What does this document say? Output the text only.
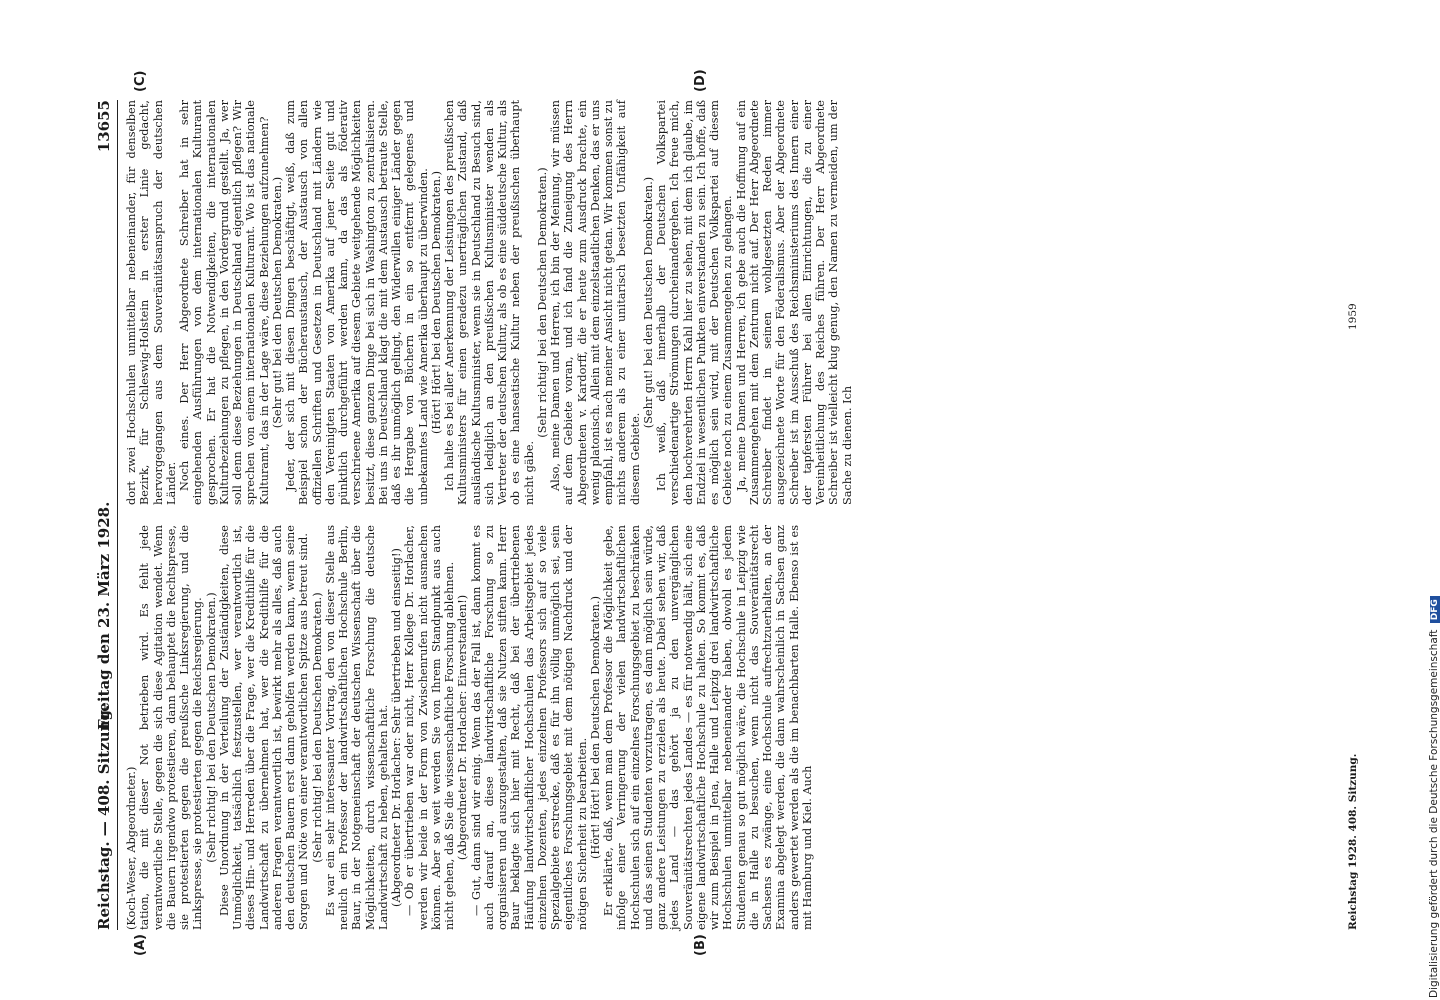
Reichstag. — 408. Sitzung.
Freitag den 23. März 1928.
13655

(Koch-Weser, Abgeordneter.) tation, die mit dieser Not betrieben wird. Es fehlt jede verantwortliche Stelle, gegen die sich diese Agitation wendet. Wenn die Bauern irgendwo protestieren, dann behauptet die Rechtspresse, sie protestierten gegen die preußische Linksregierung, und die Linkspresse, sie protestierten gegen die Reichsregierung. (Sehr richtig! bei den Deutschen Demokraten.) Diese Unordnung in der Verteilung der Zuständigkeiten, diese Unmöglichkeit, tatsächlich festzustellen, wer verantwortlich ist, dieses Hin- und Herreden über die Frage, wer die Kredithilfe für die Landwirtschaft zu übernehmen hat, wer die Kredithilfe für die anderen Fragen verantwortlich ist, bewirkt mehr als alles, daß auch den deutschen Bauern erst dann geholfen werden kann, wenn seine Sorgen und Nöte von einer verantwortlichen Spitze aus betreut sind. (Sehr richtig! bei den Deutschen Demokraten.) Es war ein sehr interessanter Vortrag, den von dieser Stelle aus neulich ein Professor der landwirtschaftlichen Hochschule Berlin, Baur, in der Notgemeinschaft der deutschen Wissenschaft über die Möglichkeiten, durch wissenschaftliche Forschung die deutsche Landwirtschaft zu heben, gehalten hat. (Abgeordneter Dr. Horlacher: Sehr übertrieben und einseitig!) — Ob er übertrieben war oder nicht, Herr Kollege Dr. Horlacher, werden wir beide in der Form von Zwischenrufen nicht ausmachen können. Aber so weit werden Sie von Ihrem Standpunkt aus auch nicht gehen, daß Sie die wissenschaftliche Forschung ablehnen. (Abgeordneter Dr. Horlacher: Einverstanden!) — Gut, dann sind wir einig. Wenn das der Fall ist, dann kommt es auch darauf an, diese landwirtschaftliche Forschung so zu organisieren und auszugestalten, daß sie Nutzen stiften kann. Herr Baur beklagte sich hier mit Recht, daß bei der übertriebenen Häufung landwirtschaftlicher Hochschulen das Arbeitsgebiet jedes einzelnen Dozenten, jedes einzelnen Professors sich auf so viele Spezialgebiete erstrecke, daß es für ihn völlig unmöglich sei, sein eigentliches Forschungsgebiet mit dem nötigen Nachdruck und der nötigen Sicherheit zu bearbeiten. (Hört! Hört! bei den Deutschen Demokraten.) Er erklärte, daß, wenn man dem Professor die Möglichkeit gebe, infolge einer Verringerung der vielen landwirtschaftlichen Hochschulen sich auf ein einzelnes Forschungsgebiet zu beschränken und das seinen Studenten vorzutragen, es dann möglich sein würde, ganz andere Leistungen zu erzielen als heute. Dabei sehen wir, daß jedes Land — das gehört ja zu den unvergänglichen Souveränitätsrechten jedes Landes — es für notwendig hält, sich eine eigene landwirtschaftliche Hochschule zu halten. So kommt es, daß wir zum Beispiel in Jena, Halle und Leipzig drei landwirtschaftliche Hochschulen unmittelbar nebeneinander haben, obwohl es jedem Studenten genau so gut möglich wäre, die Hochschule in Leipzig wie die in Halle zu besuchen, wenn nicht das Souveränitätsrecht Sachsens es zwänge, eine Hochschule aufrechtzuerhalten, an der Examina abgelegt werden, die dann wahrscheinlich in Sachsen ganz anders gewertet werden als die im benachbarten Halle. Ebenso ist es mit Hamburg und Kiel. Auch

dort zwei Hochschulen unmittelbar nebeneinander, für denselben Bezirk, für Schleswig-Holstein in erster Linie gedacht, hervorgegangen aus dem Souveränitätsanspruch der deutschen Länder. Noch eines. Der Herr Abgeordnete Schreiber hat in sehr eingehenden Ausführungen von dem internationalen Kulturamt gesprochen. Er hat die Notwendigkeiten, die internationalen Kulturbeziehungen zu pflegen, in den Vordergrund gestellt. Ja, wer soll denn diese Beziehungen in Deutschland eigentlich pflegen? Wir sprechen von einem internationalen Kulturamt. Wo ist das nationale Kulturamt, das in der Lage wäre, diese Beziehungen aufzunehmen? (Sehr gut! bei den Deutschen Demokraten.) Jeder, der sich mit diesen Dingen beschäftigt, weiß, daß zum Beispiel schon der Bücheraustausch, der Austausch von allen offiziellen Schriften und Gesetzen in Deutschland mit Ländern wie den Vereinigten Staaten von Amerika auf jener Seite gut und pünktlich durchgeführt werden kann, da das als föderativ verschrieene Amerika auf diesem Gebiete weitgehende Möglichkeiten besitzt, diese ganzen Dinge bei sich in Washington zu zentralisieren. Bei uns in Deutschland klagt die mit dem Austausch betraute Stelle, daß es ihr unmöglich gelingt, den Widerwillen einiger Länder gegen die Hergabe von Büchern in ein so entfernt gelegenes und unbekanntes Land wie Amerika überhaupt zu überwinden. (Hört! Hört! bei den Deutschen Demokraten.) Ich halte es bei aller Anerkennung der Leistungen des preußischen Kultusministers für einen geradezu unerträglichen Zustand, daß ausländische Kultusminister, wenn sie in Deutschland zu Besuch sind, sich lediglich an den preußischen Kultusminister wenden als Vertreter der deutschen Kultur, als ob es eine süddeutsche Kultur, als ob es eine hanseatische Kultur neben der preußischen überhaupt nicht gäbe.

(Sehr richtig! bei den Deutschen Demokraten.) Also, meine Damen und Herren, ich bin der Meinung, wir müssen auf dem Gebiete voran, und ich fand die Zuneigung des Herrn Abgeordneten v. Kardorff, die er heute zum Ausdruck brachte, ein wenig platonisch. Allein mit dem einzelstaatlichen Denken, das er uns empfahl, ist es nach meiner Ansicht nicht getan. Wir kommen sonst zu nichts anderem als zu einer unitarisch besetzten Unfähigkeit auf diesem Gebiete.

(Sehr gut! bei den Deutschen Demokraten.) Ich weiß, daß innerhalb der Deutschen Volkspartei verschiedenartige Strömungen durcheinandergehen. Ich freue mich, den hochverehrten Herrn Kahl hier zu sehen, mit dem ich glaube, im Endziel in wesentlichen Punkten einverstanden zu sein. Ich hoffe, daß es möglich sein wird, mit der Deutschen Volkspartei auf diesem Gebiete noch zu einem Zusammengehen zu gelangen. Ja, meine Damen und Herren, ich gebe auch die Hoffnung auf ein Zusammengehen mit dem Zentrum nicht auf. Der Herr Abgeordnete Schreiber findet in seinen wohlgesetzten Reden immer ausgezeichnete Worte für den Föderalismus. Aber der Abgeordnete Schreiber ist im Ausschuß des Reichsministeriums des Innern einer der tapfersten Führer bei allen Einrichtungen, die zu einer Vereinheitlichung des Reiches führen. Der Herr Abgeordnete Schreiber ist vielleicht klug genug, den Namen zu vermeiden, um der Sache zu dienen. Ich

(A)	(B)
(C)	(D)
Reichstag 1928. 408. Sitzung.
1959
Digitalisierung gefördert durch die Deutsche Forschungsgemeinschaft DFG
